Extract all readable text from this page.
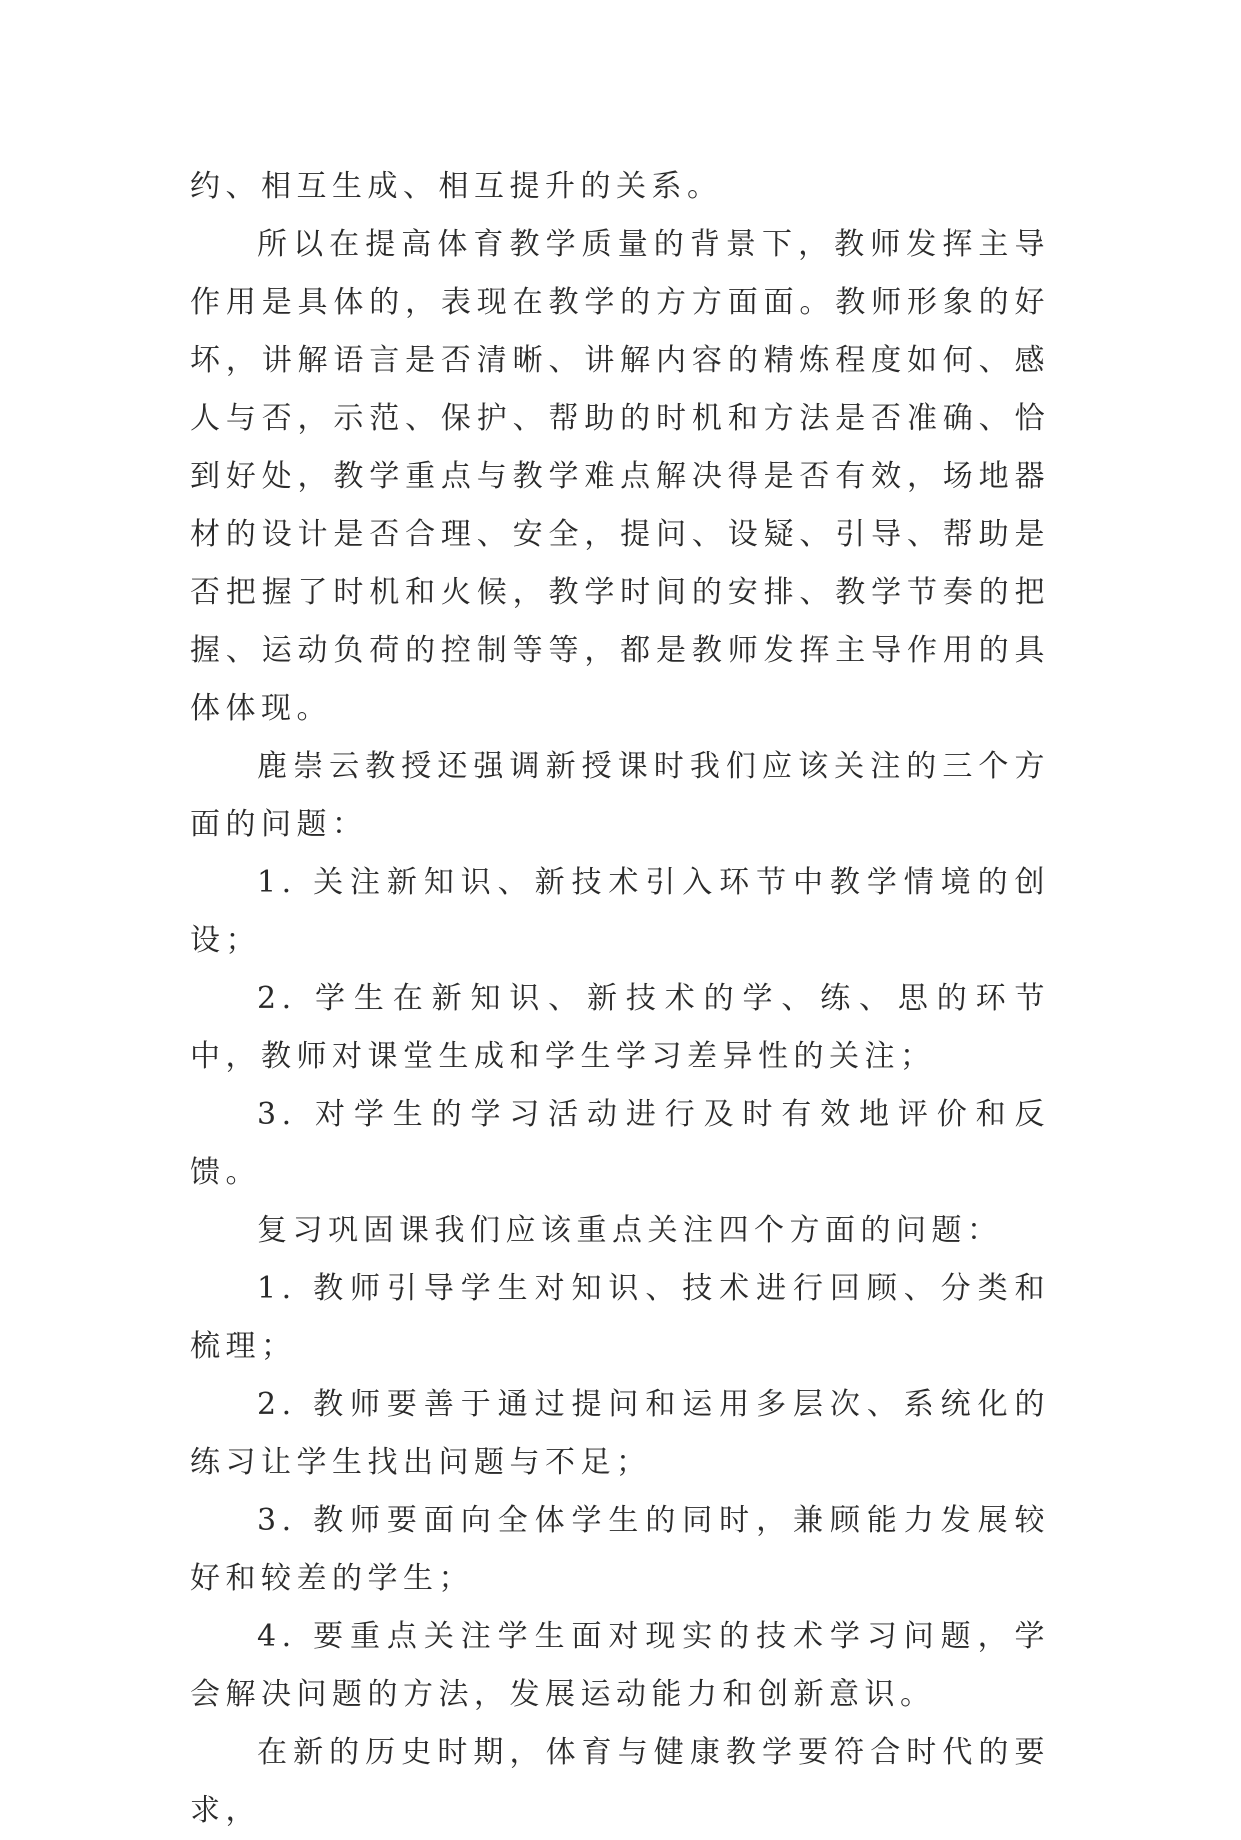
约、相互生成、相互提升的关系。

所以在提高体育教学质量的背景下，教师发挥主导作用是具体的，表现在教学的方方面面。教师形象的好坏，讲解语言是否清晰、讲解内容的精炼程度如何、感人与否，示范、保护、帮助的时机和方法是否准确、恰到好处，教学重点与教学难点解决得是否有效，场地器材的设计是否合理、安全，提问、设疑、引导、帮助是否把握了时机和火候，教学时间的安排、教学节奏的把握、运动负荷的控制等等，都是教师发挥主导作用的具体体现。

鹿崇云教授还强调新授课时我们应该关注的三个方面的问题：

1. 关注新知识、新技术引入环节中教学情境的创设；

2. 学生在新知识、新技术的学、练、思的环节中，教师对课堂生成和学生学习差异性的关注；

3. 对学生的学习活动进行及时有效地评价和反馈。

复习巩固课我们应该重点关注四个方面的问题：

1. 教师引导学生对知识、技术进行回顾、分类和梳理；

2. 教师要善于通过提问和运用多层次、系统化的练习让学生找出问题与不足；

3. 教师要面向全体学生的同时，兼顾能力发展较好和较差的学生；

4. 要重点关注学生面对现实的技术学习问题，学会解决问题的方法，发展运动能力和创新意识。

在新的历史时期，体育与健康教学要符合时代的要求，
